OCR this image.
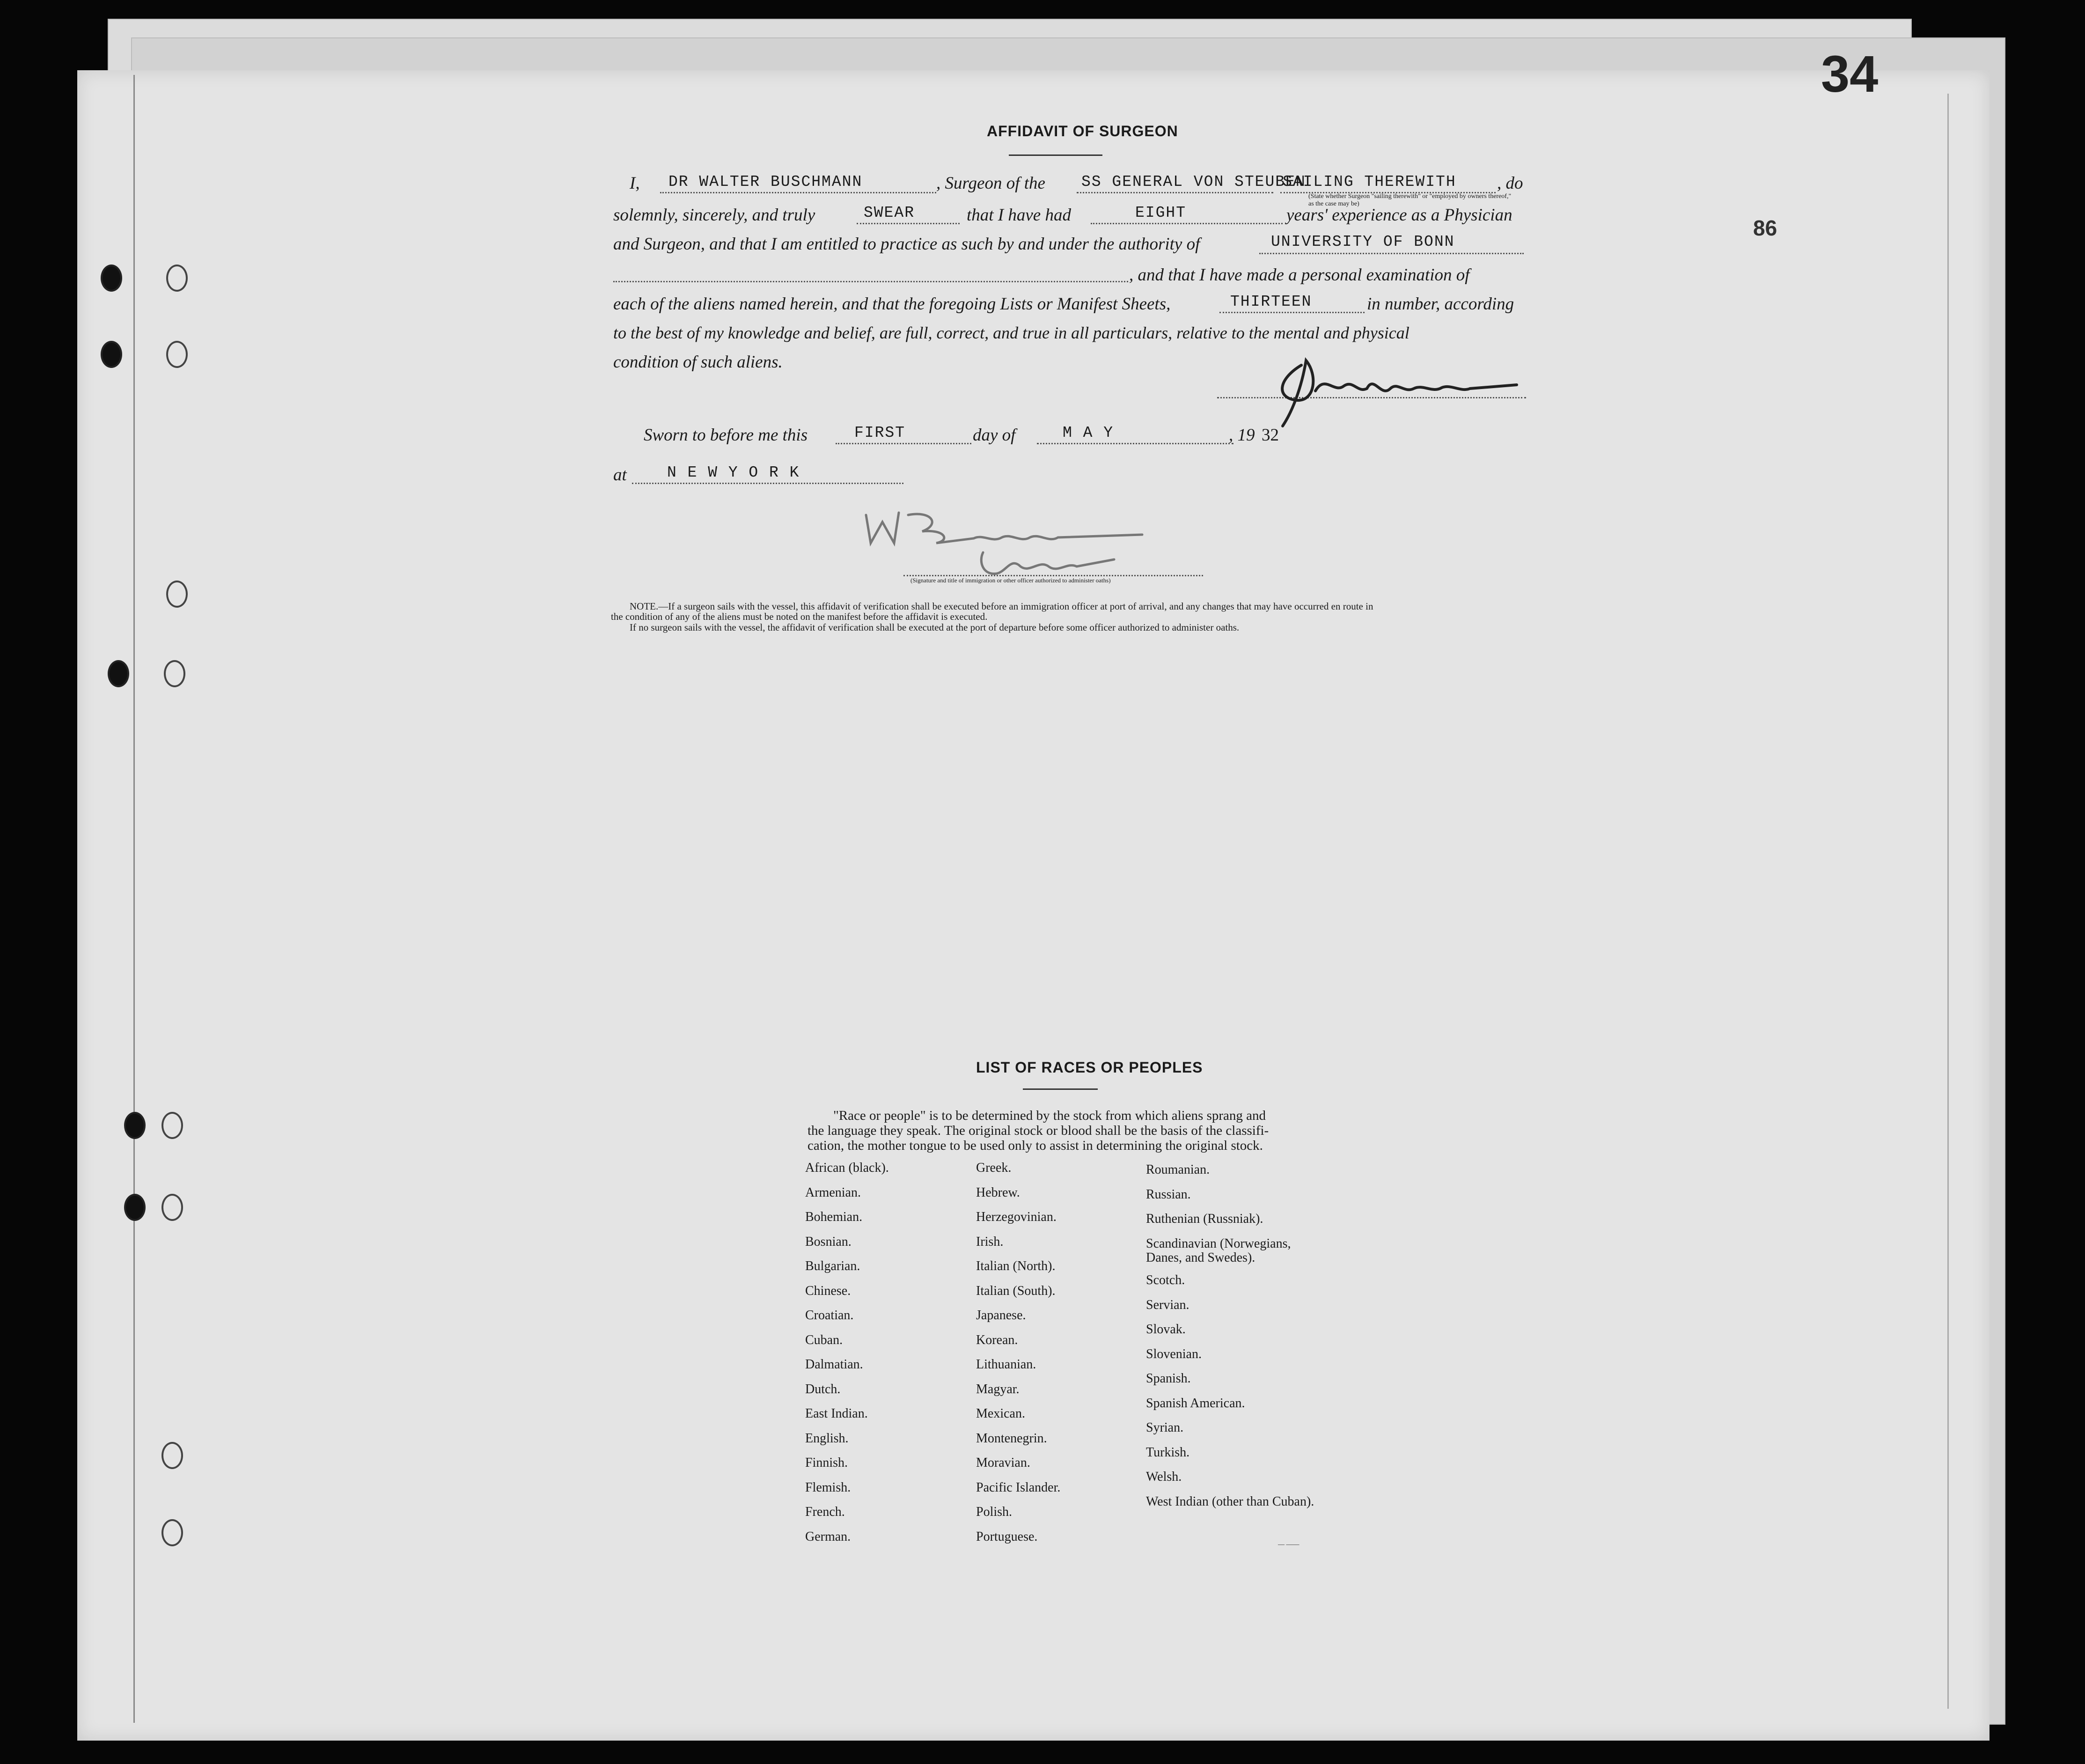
34
86
AFFIDAVIT OF SURGEON
I, DR WALTER BUSCHMANN	, Surgeon of the SS GENERAL VON STEUBEN
SAILING THEREWITH , do
(State whether Surgeon "sailing therewith" or "employed by owners thereof," as the case may be)
solemnly, sincerely, and truly	SWEAR	that I have had	EIGHT	years' experience as a Physician
and Surgeon, and that I am entitled to practice as such by and under the authority of	UNIVERSITY OF BONN
, and that I have made a personal examination of
each of the aliens named herein, and that the foregoing Lists or Manifest Sheets,	THIRTEEN	in number, according
to the best of my knowledge and belief, are full, correct, and true in all particulars, relative to the mental and physical
condition of such aliens.
Sworn to before me this	FIRST	day of	M A Y	, 19 32
at	N E W Y O R K
(Signature and title of immigration or other officer authorized to administer oaths)
NOTE.—If a surgeon sails with the vessel, this affidavit of verification shall be executed before an immigration officer at port of arrival, and any changes that may have occurred en route in
the condition of any of the aliens must be noted on the manifest before the affidavit is executed.
If no surgeon sails with the vessel, the affidavit of verification shall be executed at the port of departure before some officer authorized to administer oaths.
LIST OF RACES OR PEOPLES
"Race or people" is to be determined by the stock from which aliens sprang and
the language they speak. The original stock or blood shall be the basis of the classifi-
cation, the mother tongue to be used only to assist in determining the original stock.
African (black).
Armenian.
Bohemian.
Bosnian.
Bulgarian.
Chinese.
Croatian.
Cuban.
Dalmatian.
Dutch.
East Indian.
English.
Finnish.
Flemish.
French.
German.
Greek.
Hebrew.
Herzegovinian.
Irish.
Italian (North).
Italian (South).
Japanese.
Korean.
Lithuanian.
Magyar.
Mexican.
Montenegrin.
Moravian.
Pacific Islander.
Polish.
Portuguese.
Roumanian.
Russian.
Ruthenian (Russniak).
Scandinavian (Norwegians, Danes, and Swedes).
Scotch.
Servian.
Slovak.
Slovenian.
Spanish.
Spanish American.
Syrian.
Turkish.
Welsh.
West Indian (other than Cuban).
— ——
